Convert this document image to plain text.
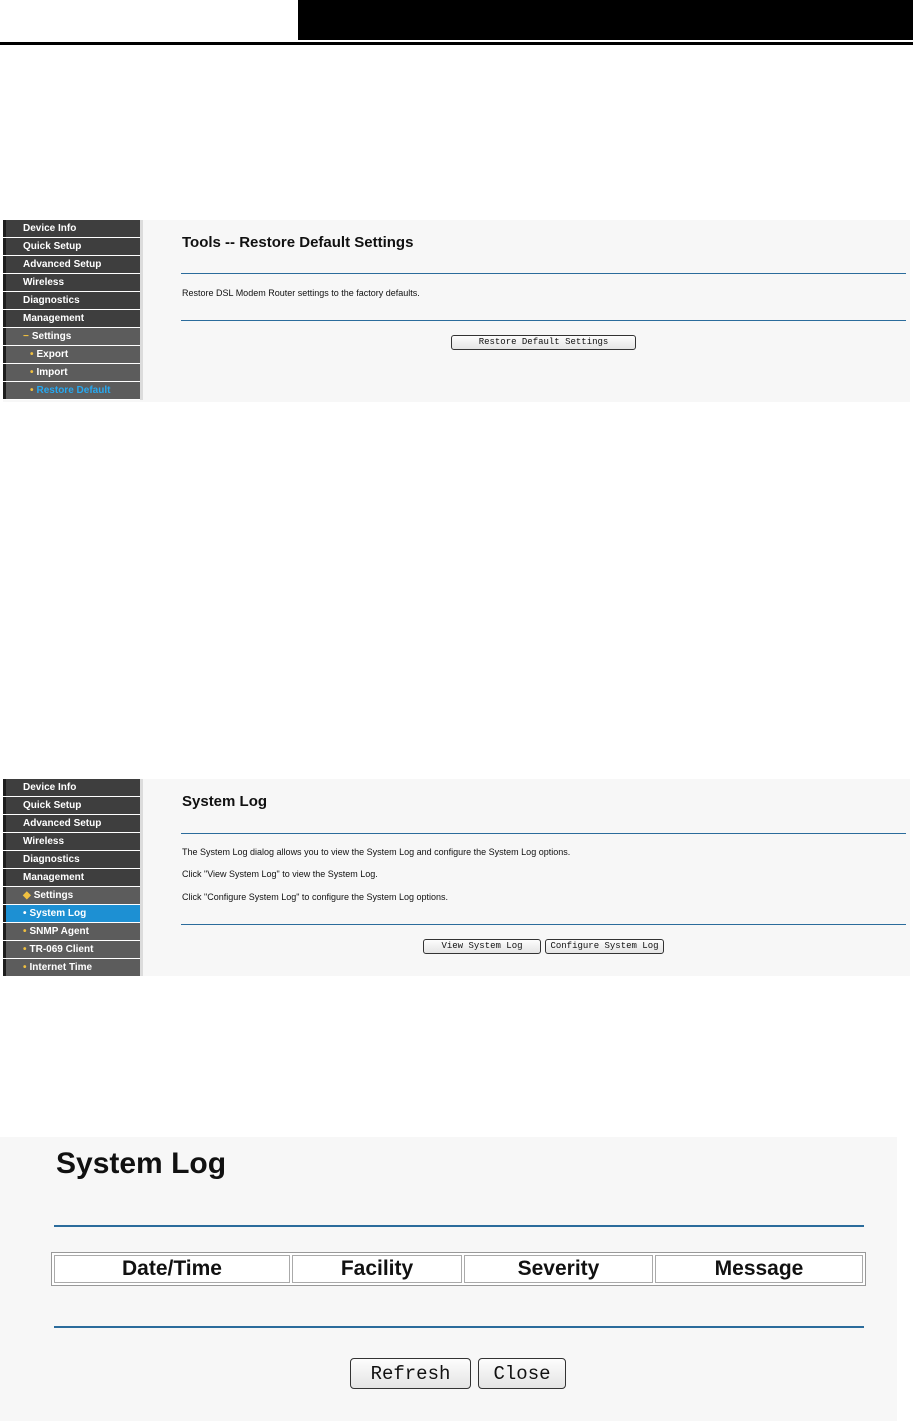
Device Info
Quick Setup
Advanced Setup
Wireless
Diagnostics
Management
− Settings
• Export
• Import
• Restore Default
Tools -- Restore Default Settings
Restore DSL Modem Router settings to the factory defaults.
Restore Default Settings
Device Info
Quick Setup
Advanced Setup
Wireless
Diagnostics
Management
◆ Settings
• System Log
• SNMP Agent
• TR-069 Client
• Internet Time
System Log
The System Log dialog allows you to view the System Log and configure the System Log options.
Click "View System Log" to view the System Log.
Click "Configure System Log" to configure the System Log options.
View System Log	Configure System Log
System Log
Date/Time	Facility	Severity	Message
Refresh	Close
